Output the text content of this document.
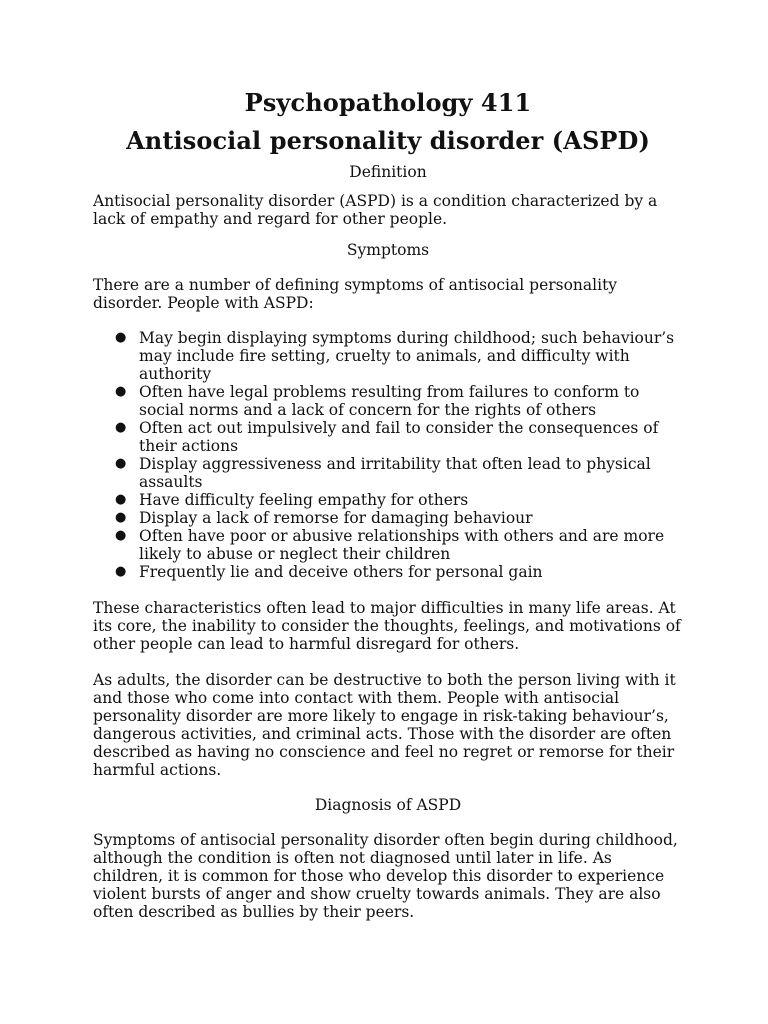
Psychopathology 411
Antisocial personality disorder (ASPD)

Definition

Antisocial personality disorder (ASPD) is a condition characterized by a lack of empathy and regard for other people.

Symptoms

There are a number of defining symptoms of antisocial personality disorder. People with ASPD:

● May begin displaying symptoms during childhood; such behaviour’s may include fire setting, cruelty to animals, and difficulty with authority
● Often have legal problems resulting from failures to conform to social norms and a lack of concern for the rights of others
● Often act out impulsively and fail to consider the consequences of their actions
● Display aggressiveness and irritability that often lead to physical assaults
● Have difficulty feeling empathy for others
● Display a lack of remorse for damaging behaviour
● Often have poor or abusive relationships with others and are more likely to abuse or neglect their children
● Frequently lie and deceive others for personal gain

These characteristics often lead to major difficulties in many life areas. At its core, the inability to consider the thoughts, feelings, and motivations of other people can lead to harmful disregard for others.

As adults, the disorder can be destructive to both the person living with it and those who come into contact with them. People with antisocial personality disorder are more likely to engage in risk-taking behaviour’s, dangerous activities, and criminal acts. Those with the disorder are often described as having no conscience and feel no regret or remorse for their harmful actions.

Diagnosis of ASPD

Symptoms of antisocial personality disorder often begin during childhood, although the condition is often not diagnosed until later in life. As children, it is common for those who develop this disorder to experience violent bursts of anger and show cruelty towards animals. They are also often described as bullies by their peers.
